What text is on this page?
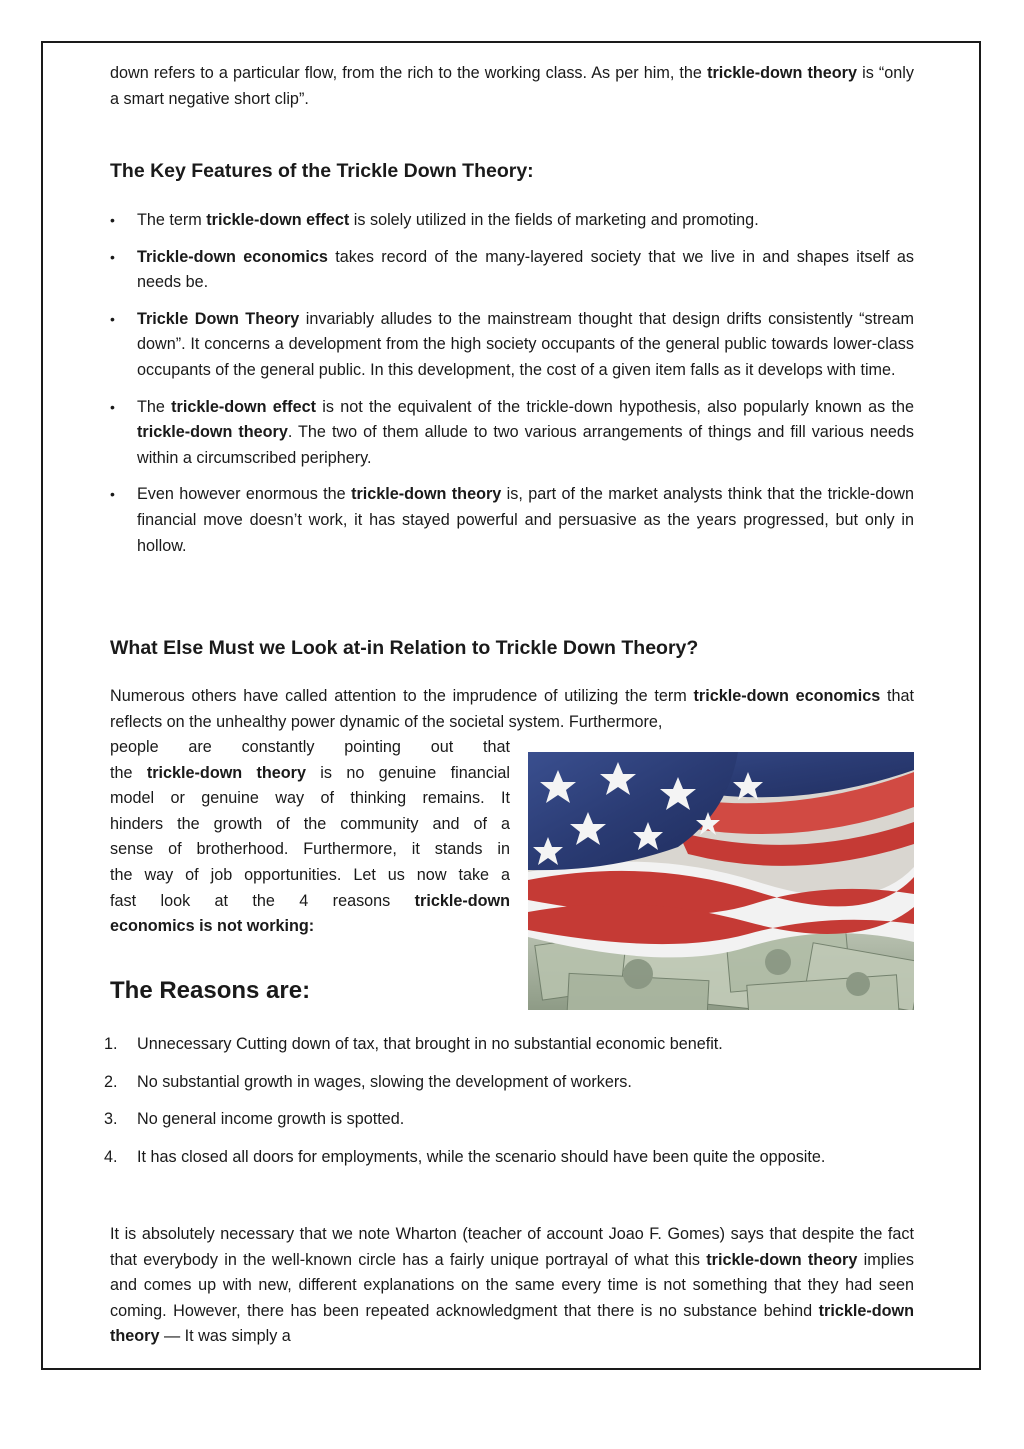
down refers to a particular flow, from the rich to the working class. As per him, the trickle-down theory is “only a smart negative short clip”.

The Key Features of the Trickle Down Theory:
• The term trickle-down effect is solely utilized in the fields of marketing and promoting.
• Trickle-down economics takes record of the many-layered society that we live in and shapes itself as needs be.
• Trickle Down Theory invariably alludes to the mainstream thought that design drifts consistently “stream down”. It concerns a development from the high society occupants of the general public towards lower-class occupants of the general public. In this development, the cost of a given item falls as it develops with time.
• The trickle-down effect is not the equivalent of the trickle-down hypothesis, also popularly known as the trickle-down theory. The two of them allude to two various arrangements of things and fill various needs within a circumscribed periphery.
• Even however enormous the trickle-down theory is, part of the market analysts think that the trickle-down financial move doesn’t work, it has stayed powerful and persuasive as the years progressed, but only in hollow.
What Else Must we Look at-in Relation to Trickle Down Theory?

Numerous others have called attention to the imprudence of utilizing the term trickle-down economics that reflects on the unhealthy power dynamic of the societal system. Furthermore,

people are constantly pointing out that

the trickle-down theory is no genuine financial

model or genuine way of thinking remains. It

hinders the growth of the community and of a

sense of brotherhood. Furthermore, it stands in

the way of job opportunities. Let us now take a

fast look at the 4 reasons trickle-down

economics is not working:

The Reasons are:
1. Unnecessary Cutting down of tax, that brought in no substantial economic benefit.
2. No substantial growth in wages, slowing the development of workers.
3. No general income growth is spotted.
4. It has closed all doors for employments, while the scenario should have been quite the opposite.

It is absolutely necessary that we note Wharton (teacher of account Joao F. Gomes) says that despite the fact that everybody in the well-known circle has a fairly unique portrayal of what this trickle-down theory implies and comes up with new, different explanations on the same every time is not something that they had seen coming. However, there has been repeated acknowledgment that there is no substance behind trickle-down theory — It was simply a
